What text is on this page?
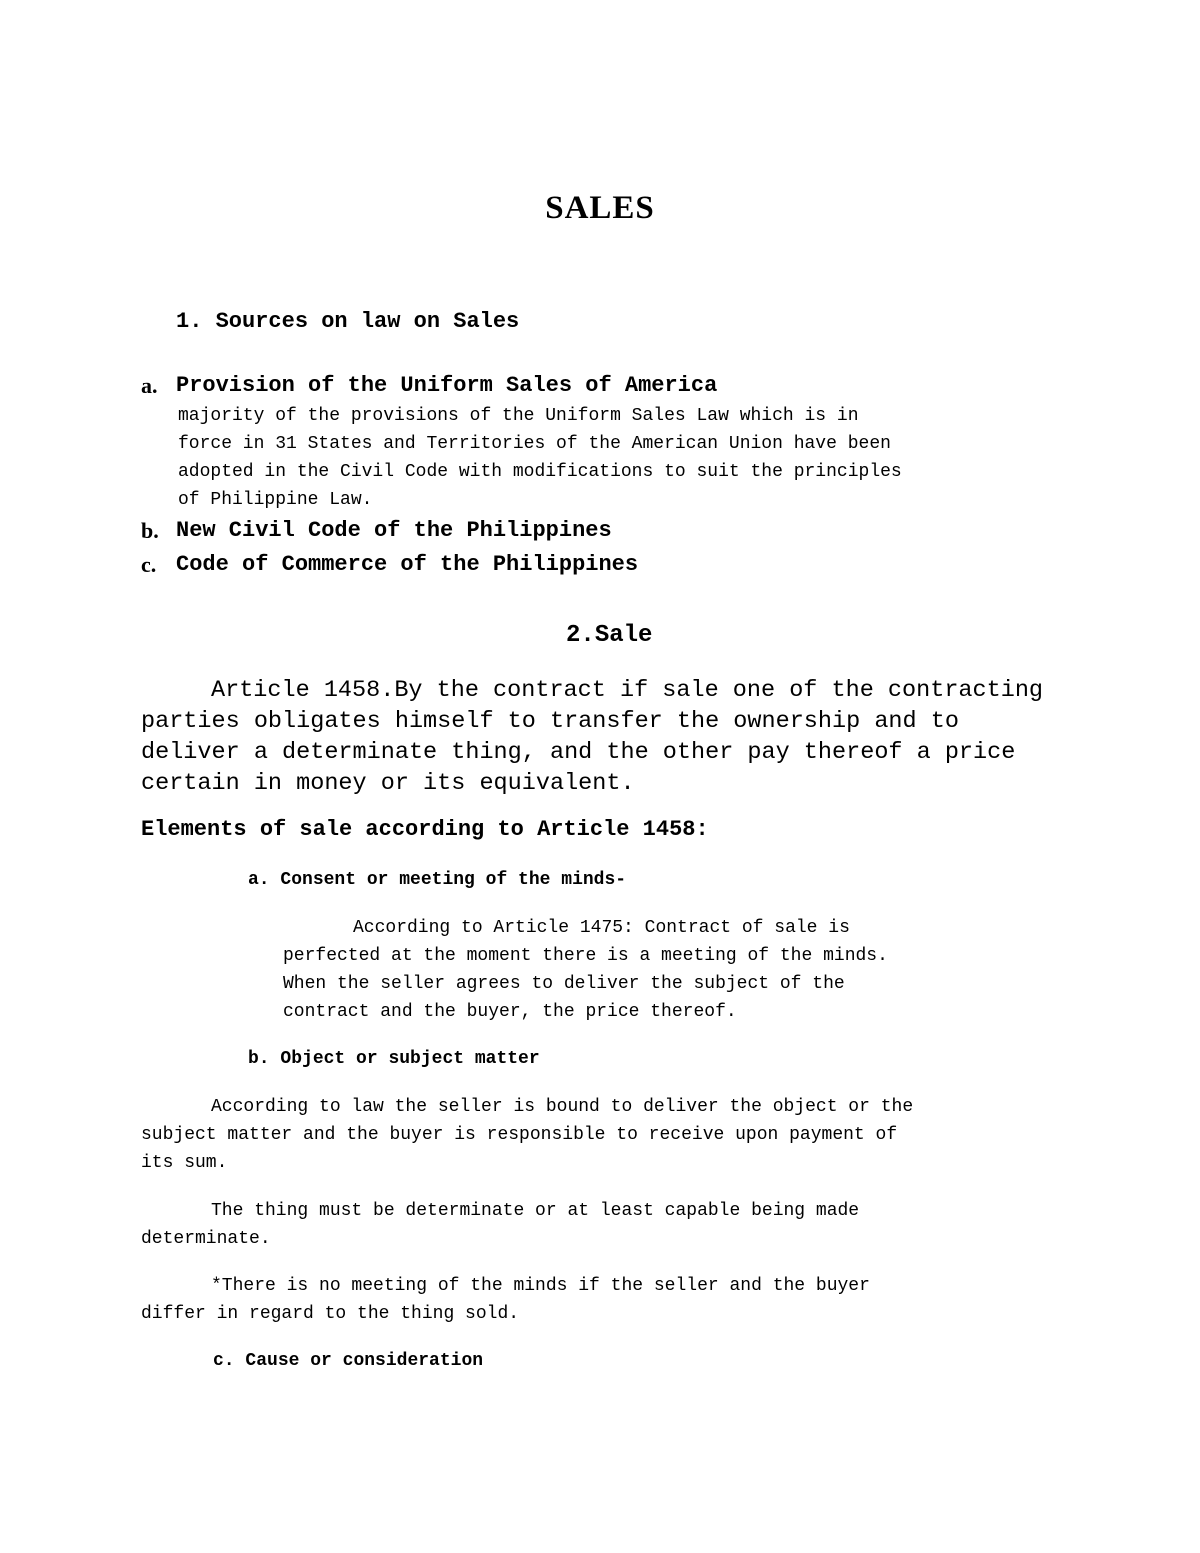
SALES
1. Sources on law on Sales
a. Provision of the Uniform Sales of America
majority of the provisions of the Uniform Sales Law which is in
force in 31 States and Territories of the American Union have been
adopted in the Civil Code with modifications to suit the principles
of Philippine Law.
b. New Civil Code of the Philippines
c. Code of Commerce of the Philippines
2.Sale
Article 1458.By the contract if sale one of the contracting
parties obligates himself to transfer the ownership and to
deliver a determinate thing, and the other pay thereof a price
certain in money or its equivalent.
Elements of sale according to Article 1458:
a. Consent or meeting of the minds-
According to Article 1475: Contract of sale is
perfected at the moment there is a meeting of the minds.
When the seller agrees to deliver the subject of the
contract and the buyer, the price thereof.
b. Object or subject matter
According to law the seller is bound to deliver the object or the
subject matter and the buyer is responsible to receive upon payment of
its sum.
The thing must be determinate or at least capable being made
determinate.
*There is no meeting of the minds if the seller and the buyer
differ in regard to the thing sold.
c. Cause or consideration
